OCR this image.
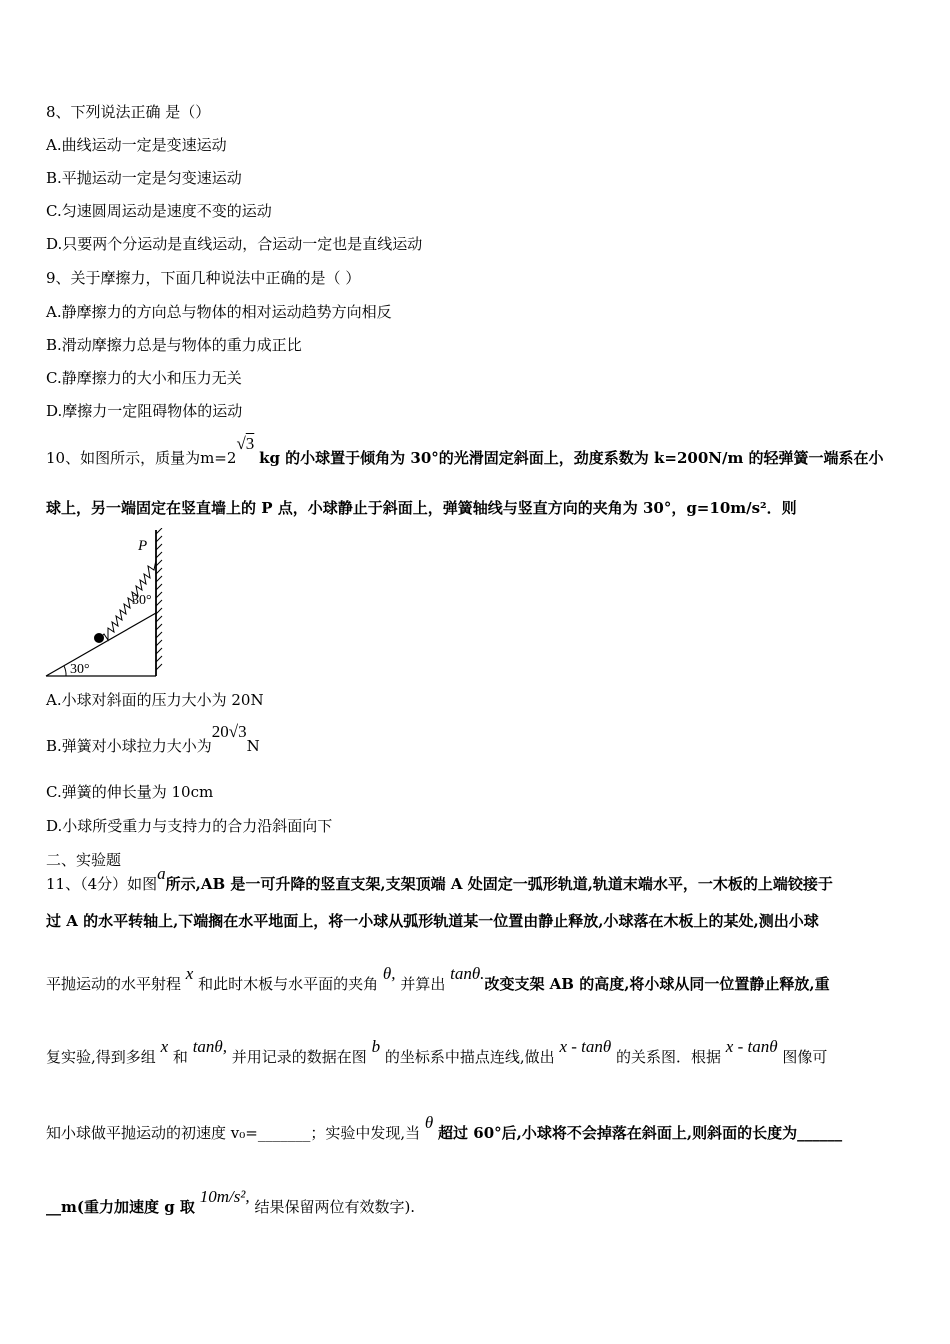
8、下列说法正确 是（）
A.曲线运动一定是变速运动
B.平抛运动一定是匀变速运动
C.匀速圆周运动是速度不变的运动
D.只要两个分运动是直线运动，合运动一定也是直线运动
9、关于摩擦力，下面几种说法中正确的是（ ）
A.静摩擦力的方向总与物体的相对运动趋势方向相反
B.滑动摩擦力总是与物体的重力成正比
C.静摩擦力的大小和压力无关
D.摩擦力一定阻碍物体的运动
10、如图所示，质量为m=2√3 kg 的小球置于倾角为 30°的光滑固定斜面上，劲度系数为 k=200N/m 的轻弹簧一端系在小
球上，另一端固定在竖直墙上的 P 点，小球静止于斜面上，弹簧轴线与竖直方向的夹角为 30°，g=10m/s²．则
P
30°
30°
A.小球对斜面的压力大小为 20N
B.弹簧对小球拉力大小为20√3N
C.弹簧的伸长量为 10cm
D.小球所受重力与支持力的合力沿斜面向下
二、实验题
11、（4分）如图a所示,AB 是一可升降的竖直支架,支架顶端 A 处固定一弧形轨道,轨道末端水平，一木板的上端铰接于
过 A 的水平转轴上,下端搁在水平地面上，将一小球从弧形轨道某一位置由静止释放,小球落在木板上的某处,测出小球
平抛运动的水平射程 x 和此时木板与水平面的夹角 θ, 并算出 tanθ.改变支架 AB 的高度,将小球从同一位置静止释放,重
复实验,得到多组 x 和 tanθ, 并用记录的数据在图 b 的坐标系中描点连线,做出 x - tanθ 的关系图．根据 x - tanθ 图像可
知小球做平抛运动的初速度 v₀=_______；实验中发现,当 θ 超过 60°后,小球将不会掉落在斜面上,则斜面的长度为______
__m(重力加速度 g 取 10m/s², 结果保留两位有效数字).
